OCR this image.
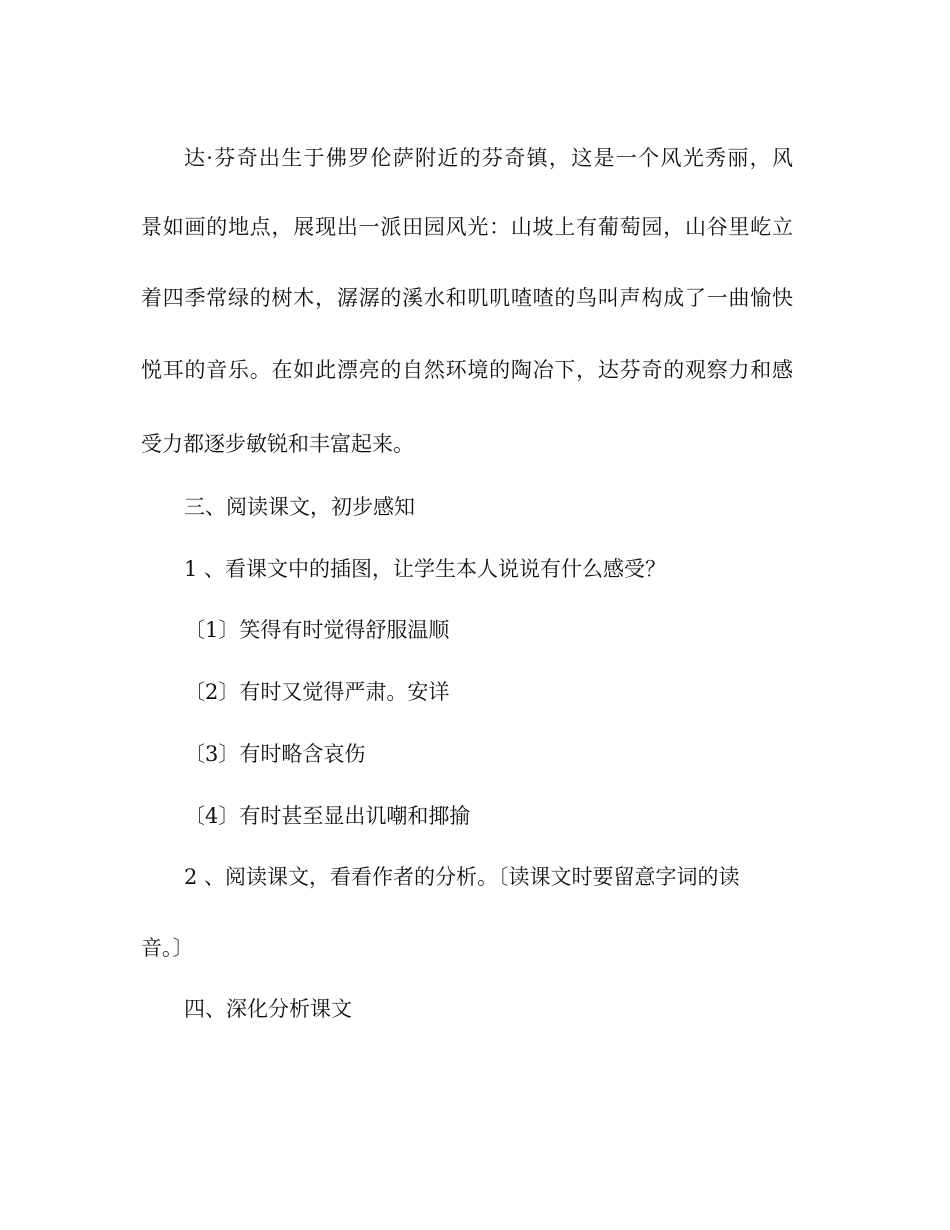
达·芬奇出生于佛罗伦萨附近的芬奇镇，这是一个风光秀丽，风
景如画的地点，展现出一派田园风光：山坡上有葡萄园，山谷里屹立
着四季常绿的树木，潺潺的溪水和叽叽喳喳的鸟叫声构成了一曲愉快
悦耳的音乐。在如此漂亮的自然环境的陶冶下，达芬奇的观察力和感
受力都逐步敏锐和丰富起来。
三、阅读课文，初步感知
1 、看课文中的插图，让学生本人说说有什么感受？
〔1〕笑得有时觉得舒服温顺
〔2〕有时又觉得严肃。安详
〔3〕有时略含哀伤
〔4〕有时甚至显出讥嘲和揶揄
2 、阅读课文，看看作者的分析。〔读课文时要留意字词的读
音。〕
四、深化分析课文
